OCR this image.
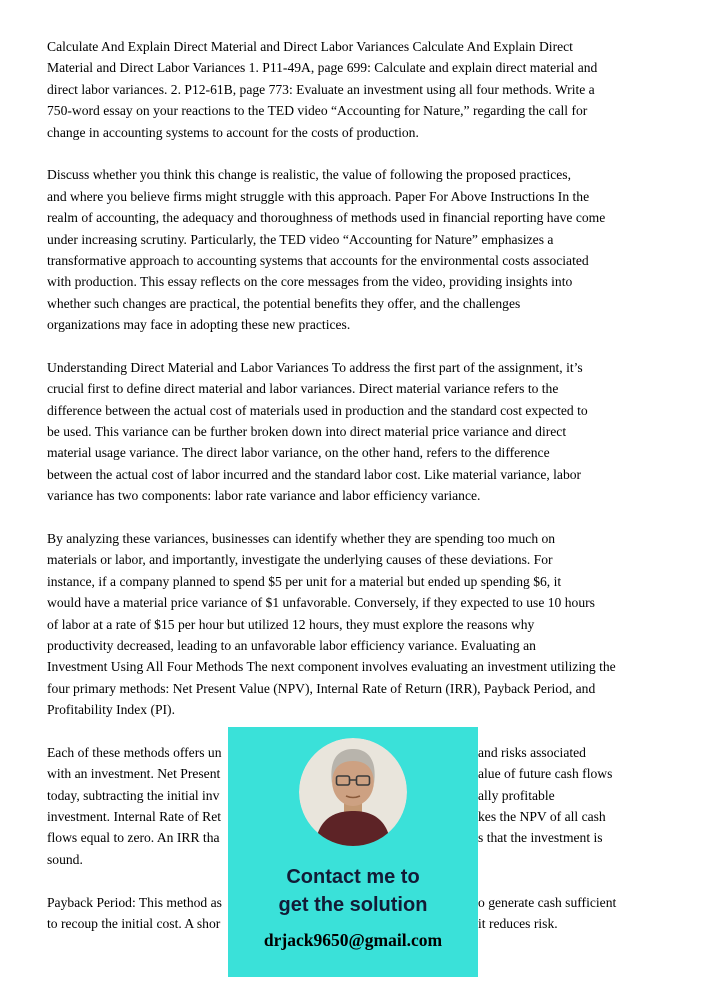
Calculate And Explain Direct Material and Direct Labor Variances Calculate And Explain Direct
Material and Direct Labor Variances 1. P11-49A, page 699: Calculate and explain direct material and
direct labor variances. 2. P12-61B, page 773: Evaluate an investment using all four methods. Write a
750-word essay on your reactions to the TED video “Accounting for Nature,” regarding the call for
change in accounting systems to account for the costs of production.
Discuss whether you think this change is realistic, the value of following the proposed practices,
and where you believe firms might struggle with this approach. Paper For Above Instructions In the
realm of accounting, the adequacy and thoroughness of methods used in financial reporting have come
under increasing scrutiny. Particularly, the TED video “Accounting for Nature” emphasizes a
transformative approach to accounting systems that accounts for the environmental costs associated
with production. This essay reflects on the core messages from the video, providing insights into
whether such changes are practical, the potential benefits they offer, and the challenges
organizations may face in adopting these new practices.
Understanding Direct Material and Labor Variances To address the first part of the assignment, it’s
crucial first to define direct material and labor variances. Direct material variance refers to the
difference between the actual cost of materials used in production and the standard cost expected to
be used. This variance can be further broken down into direct material price variance and direct
material usage variance. The direct labor variance, on the other hand, refers to the difference
between the actual cost of labor incurred and the standard labor cost. Like material variance, labor
variance has two components: labor rate variance and labor efficiency variance.
By analyzing these variances, businesses can identify whether they are spending too much on
materials or labor, and importantly, investigate the underlying causes of these deviations. For
instance, if a company planned to spend $5 per unit for a material but ended up spending $6, it
would have a material price variance of $1 unfavorable. Conversely, if they expected to use 10 hours
of labor at a rate of $15 per hour but utilized 12 hours, they must explore the reasons why
productivity decreased, leading to an unfavorable labor efficiency variance. Evaluating an
Investment Using All Four Methods The next component involves evaluating an investment utilizing the
four primary methods: Net Present Value (NPV), Internal Rate of Return (IRR), Payback Period, and
Profitability Index (PI).
Each of these methods offers un	and risks associated
with an investment. Net Present	alue of future cash flows
today, subtracting the initial inv	ally profitable
investment. Internal Rate of Ret	kes the NPV of all cash
flows equal to zero. An IRR tha	s that the investment is
sound.
Payback Period: This method as	o generate cash sufficient
to recoup the initial cost. A shor	it reduces risk.
Contact me to
get the solution
drjack9650@gmail.com
